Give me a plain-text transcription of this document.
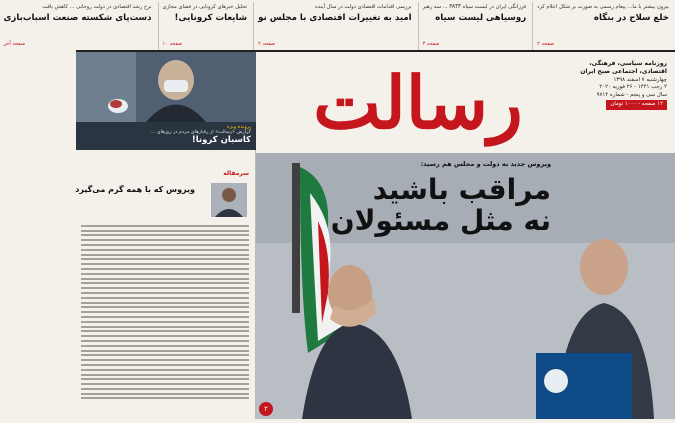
بیرون بیشتر با ما... پیغام رسمی به صورت بر شکل اعلام کرد
خلع سلاح در بنگاه
صفحه ۲
فرزانگی ایران در لیست سیاه FATF ... سه رهبر
روسیاهی لیست سیاه
صفحه ۳
بررسی اقدامات اقتصادی دولت در سال آینده
امید به تغییرات اقتصادی با مجلس نو
صفحه ۲
تحلیل خبرهای کرونایی در فضای مجازی
شایعات کرونایی!
صفحه ۱۰
نرخ رشد اقتصادی در دولت روحانی ... کاهش یافت
دست‌پای شکسته صنعت اسباب‌بازی
صفحه آخر
رسالت	روزنامه سیاسی، فرهنگی، اقتصادی، اجتماعی صبح ایران
چهارشنبه ۷ اسفند ۱۳۹۸
۲ رجب ۱۴۴۱ - ۲۶ فوریه ۲۰۲۰
سال سی و پنجم - شماره ۹۷۱۴
۱۲ صفحه - ۱۰۰۰ تومان
پرونده ویژه
گزارش «رسالت» از رفتارهای مردم در روزهای ...
کاسبان کرونا!
سرمقاله
ویروس که با همه گرم می‌گیرد
ویروس جدید به دولت و مجلس هم رسید:
مراقب باشید
نه مثل مسئولان
۲
